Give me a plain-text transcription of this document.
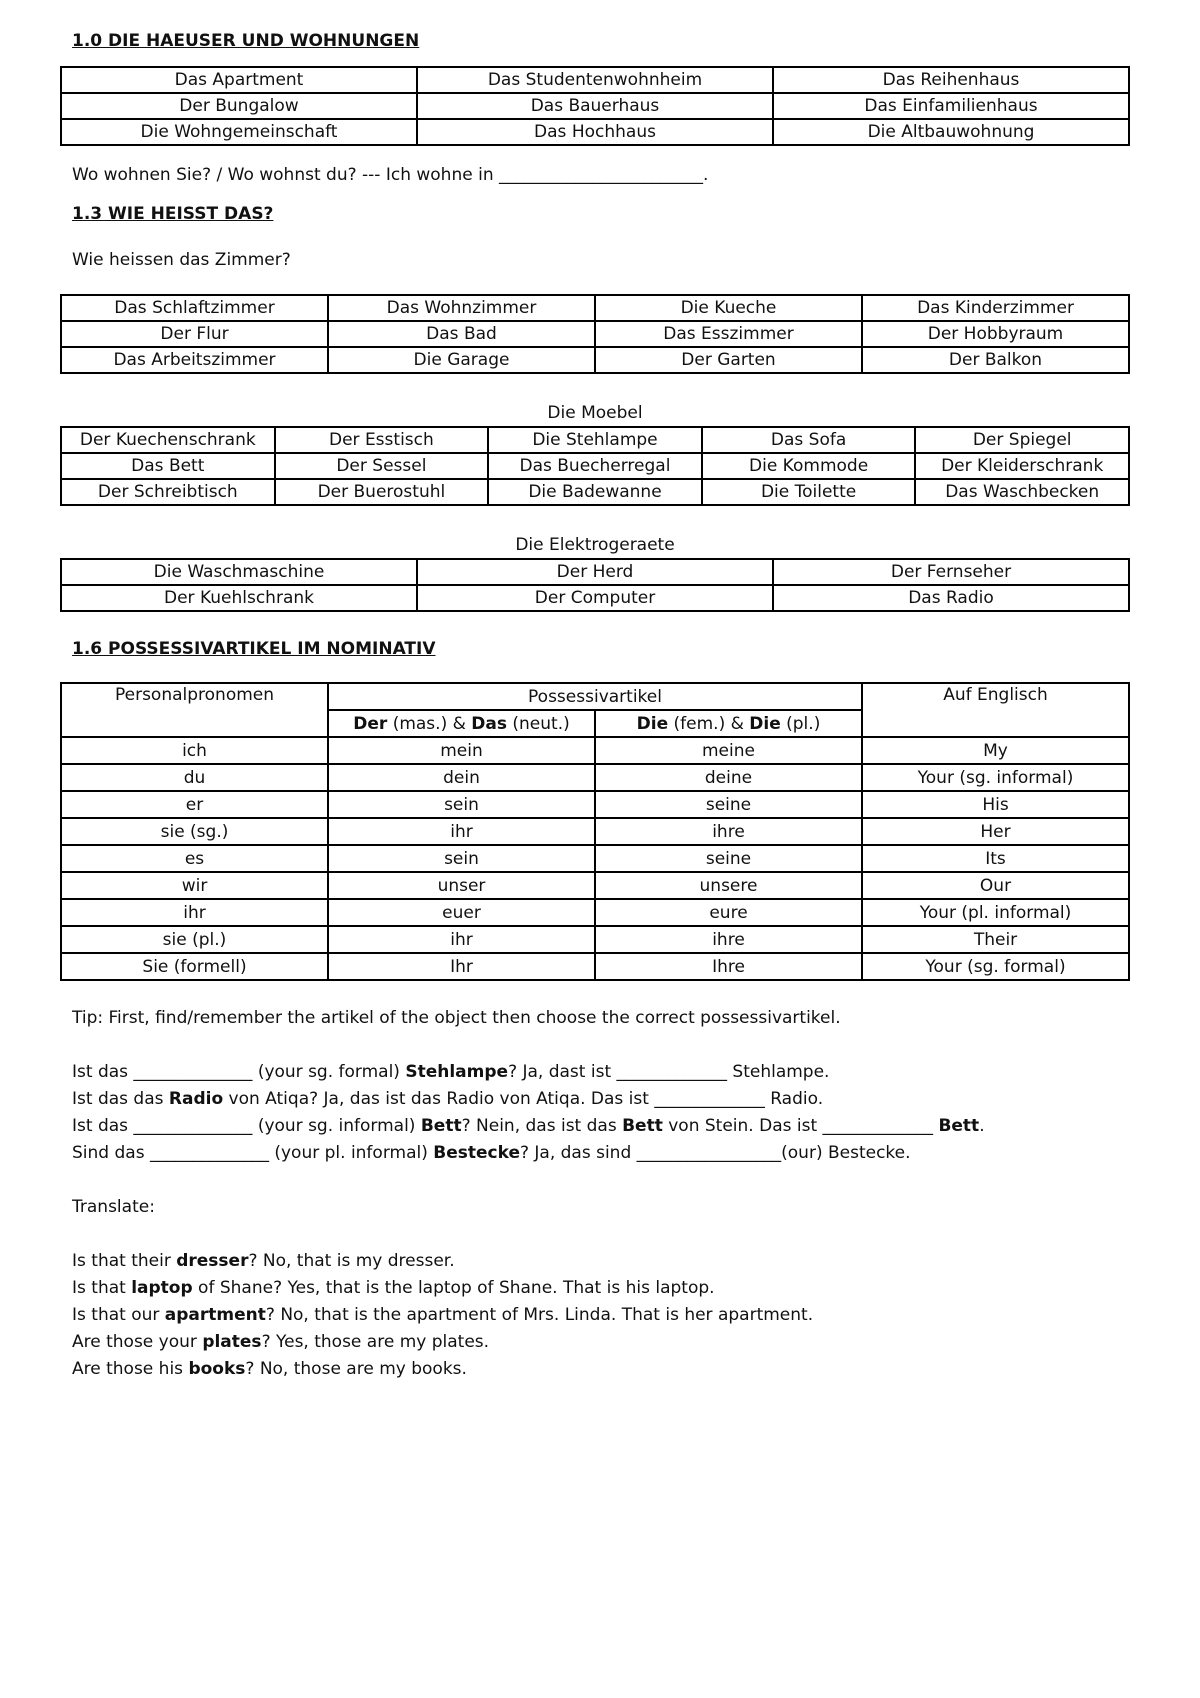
1.0 DIE HAEUSER UND WOHNUNGEN
Das Apartment	Das Studentenwohnheim	Das Reihenhaus
Der Bungalow	Das Bauerhaus	Das Einfamilienhaus
Die Wohngemeinschaft	Das Hochhaus	Die Altbauwohnung
Wo wohnen Sie? / Wo wohnst du? --- Ich wohne in ________________________.
1.3 WIE HEISST DAS?
Wie heissen das Zimmer?
Das Schlaftzimmer	Das Wohnzimmer	Die Kueche	Das Kinderzimmer
Der Flur	Das Bad	Das Esszimmer	Der Hobbyraum
Das Arbeitszimmer	Die Garage	Der Garten	Der Balkon
Die Moebel
Der Kuechenschrank	Der Esstisch	Die Stehlampe	Das Sofa	Der Spiegel
Das Bett	Der Sessel	Das Buecherregal	Die Kommode	Der Kleiderschrank
Der Schreibtisch	Der Buerostuhl	Die Badewanne	Die Toilette	Das Waschbecken
Die Elektrogeraete
Die Waschmaschine	Der Herd	Der Fernseher
Der Kuehlschrank	Der Computer	Das Radio
1.6 POSSESSIVARTIKEL IM NOMINATIV
Personalpronomen	Possessivartikel		Auf Englisch
	Der (mas.) & Das (neut.)	Die (fem.) & Die (pl.)	
ich	mein	meine	My
du	dein	deine	Your (sg. informal)
er	sein	seine	His
sie (sg.)	ihr	ihre	Her
es	sein	seine	Its
wir	unser	unsere	Our
ihr	euer	eure	Your (pl. informal)
sie (pl.)	ihr	ihre	Their
Sie (formell)	Ihr	Ihre	Your (sg. formal)
Tip: First, find/remember the artikel of the object then choose the correct possessivartikel.
Ist das ______________ (your sg. formal) Stehlampe? Ja, dast ist _____________ Stehlampe.
Ist das das Radio von Atiqa? Ja, das ist das Radio von Atiqa. Das ist _____________ Radio.
Ist das ______________ (your sg. informal) Bett? Nein, das ist das Bett von Stein. Das ist _____________ Bett.
Sind das ______________ (your pl. informal) Bestecke? Ja, das sind _________________(our) Bestecke.
Translate:
Is that their dresser? No, that is my dresser.
Is that laptop of Shane? Yes, that is the laptop of Shane. That is his laptop.
Is that our apartment? No, that is the apartment of Mrs. Linda. That is her apartment.
Are those your plates? Yes, those are my plates.
Are those his books? No, those are my books.
